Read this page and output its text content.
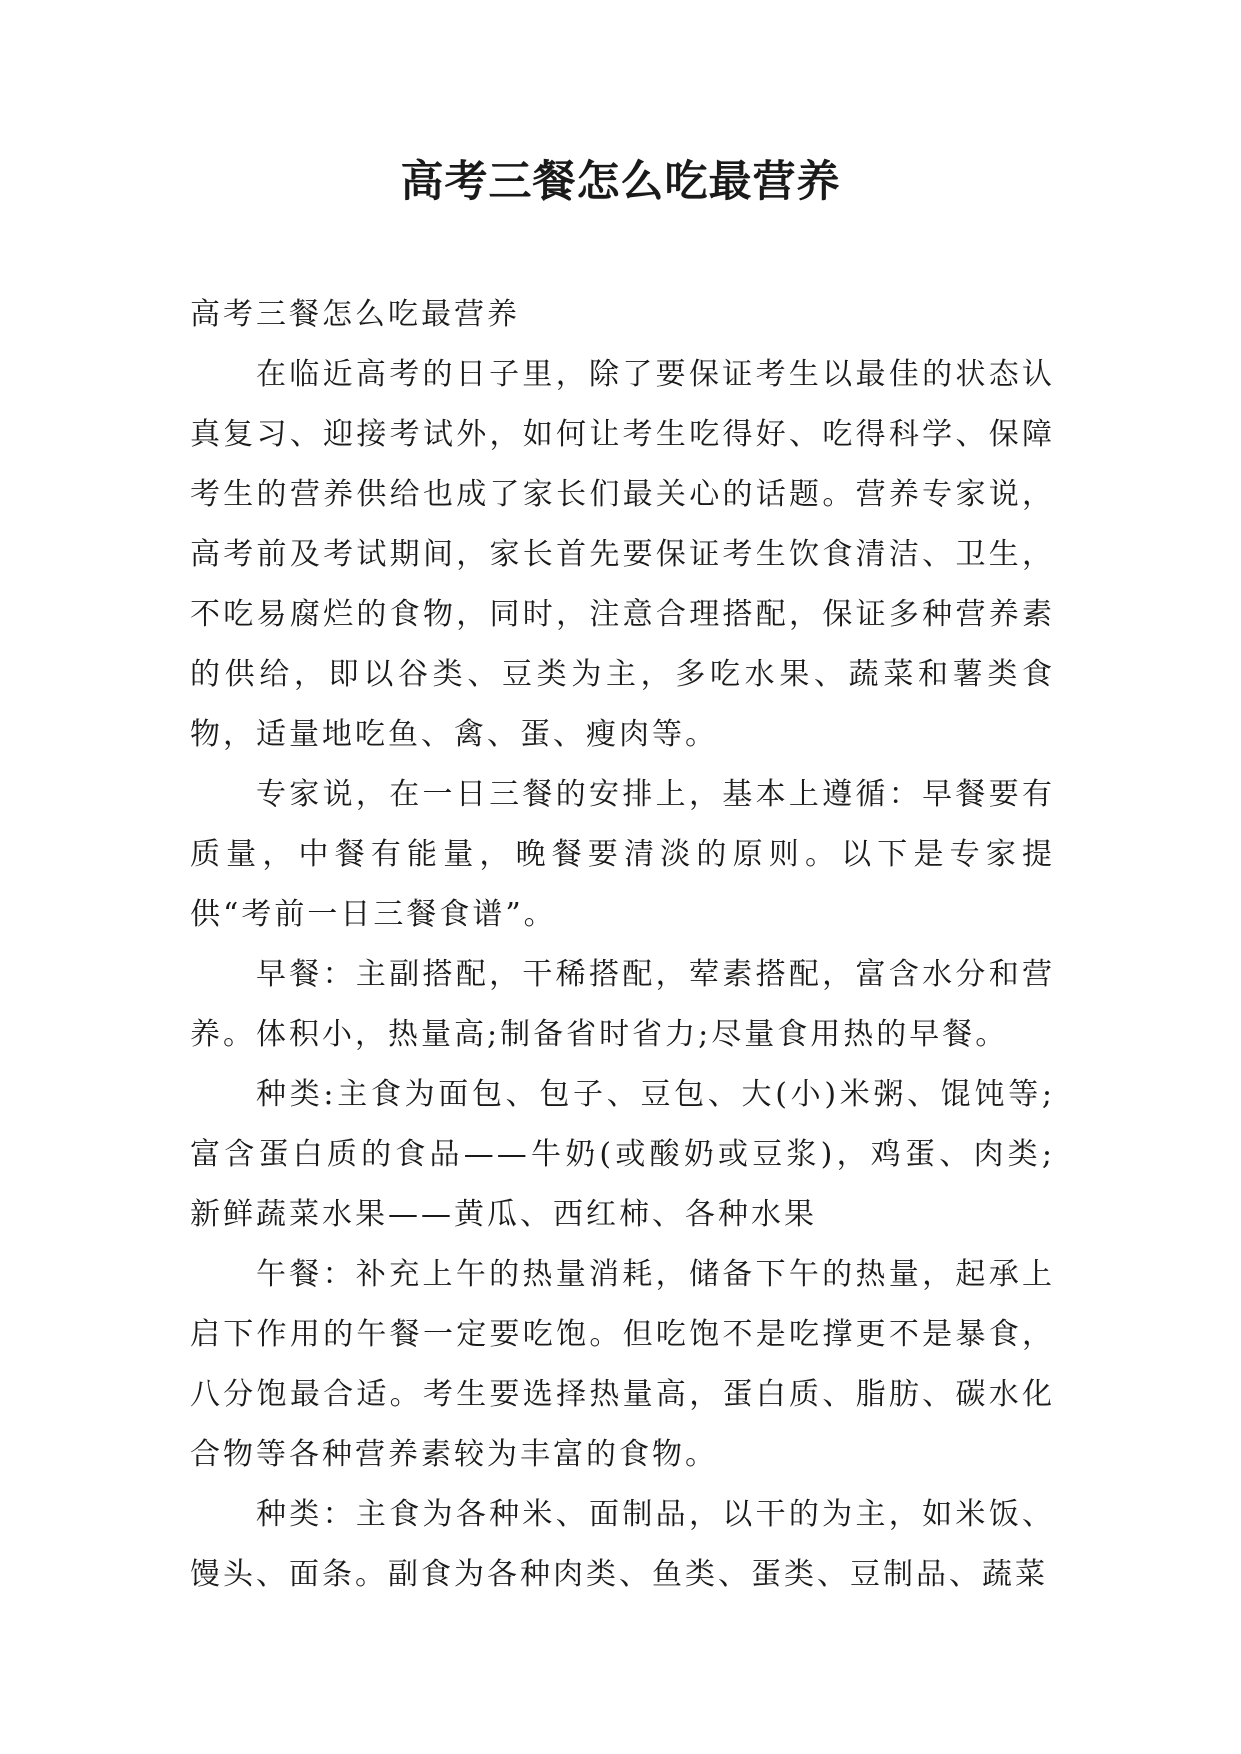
高考三餐怎么吃最营养

高考三餐怎么吃最营养

在临近高考的日子里，除了要保证考生以最佳的状态认真复习、迎接考试外，如何让考生吃得好、吃得科学、保障考生的营养供给也成了家长们最关心的话题。营养专家说，高考前及考试期间，家长首先要保证考生饮食清洁、卫生，不吃易腐烂的食物，同时，注意合理搭配，保证多种营养素的供给，即以谷类、豆类为主，多吃水果、蔬菜和薯类食物，适量地吃鱼、禽、蛋、瘦肉等。

专家说，在一日三餐的安排上，基本上遵循：早餐要有质量，中餐有能量，晚餐要清淡的原则。以下是专家提供“考前一日三餐食谱”。

早餐：主副搭配，干稀搭配，荤素搭配，富含水分和营养。体积小，热量高;制备省时省力;尽量食用热的早餐。

种类:主食为面包、包子、豆包、大(小)米粥、馄饨等;富含蛋白质的食品——牛奶(或酸奶或豆浆)，鸡蛋、肉类;新鲜蔬菜水果——黄瓜、西红柿、各种水果

午餐：补充上午的热量消耗，储备下午的热量，起承上启下作用的午餐一定要吃饱。但吃饱不是吃撑更不是暴食，八分饱最合适。考生要选择热量高，蛋白质、脂肪、碳水化合物等各种营养素较为丰富的食物。

种类：主食为各种米、面制品，以干的为主，如米饭、馒头、面条。副食为各种肉类、鱼类、蛋类、豆制品、蔬菜
